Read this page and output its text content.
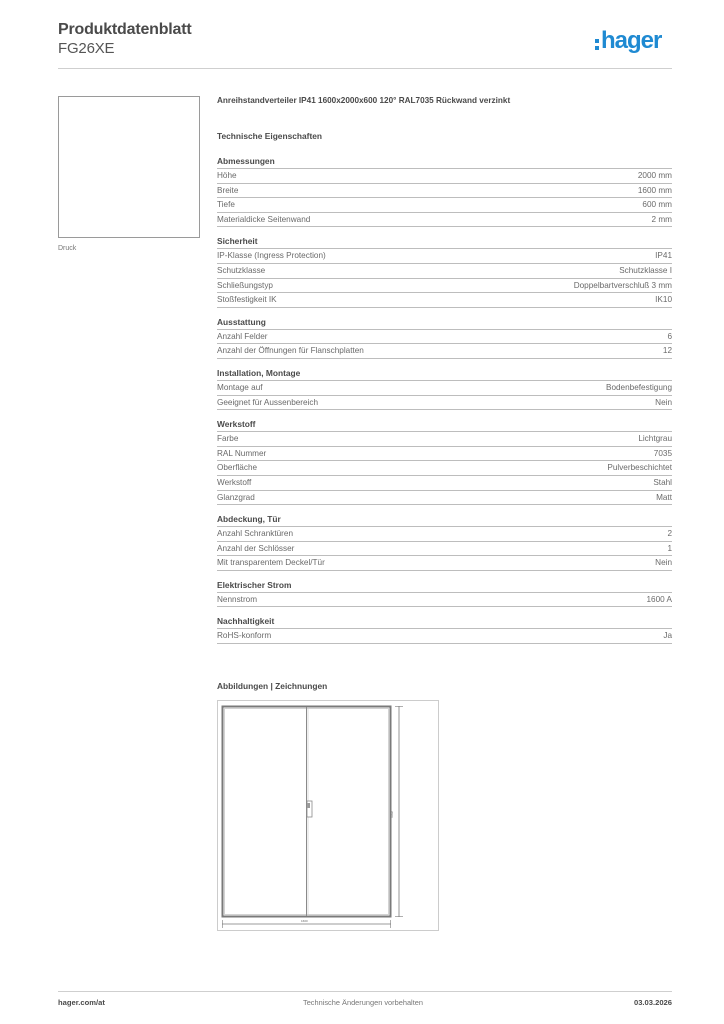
Produktdatenblatt
FG26XE	hager
Druck
Anreihstandverteiler IP41 1600x2000x600 120° RAL7035 Rückwand verzinkt
Technische Eigenschaften
Abmessungen
Höhe	2000 mm
Breite	1600 mm
Tiefe	600 mm
Materialdicke Seitenwand	2 mm
Sicherheit
IP-Klasse (Ingress Protection)	IP41
Schutzklasse	Schutzklasse I
Schließungstyp	Doppelbartverschluß 3 mm
Stoßfestigkeit IK	IK10
Ausstattung
Anzahl Felder	6
Anzahl der Öffnungen für Flanschplatten	12
Installation, Montage
Montage auf	Bodenbefestigung
Geeignet für Aussenbereich	Nein
Werkstoff
Farbe	Lichtgrau
RAL Nummer	7035
Oberfläche	Pulverbeschichtet
Werkstoff	Stahl
Glanzgrad	Matt
Abdeckung, Tür
Anzahl Schranktüren	2
Anzahl der Schlösser	1
Mit transparentem Deckel/Tür	Nein
Elektrischer Strom
Nennstrom	1600 A
Nachhaltigkeit
RoHS-konform	Ja
Abbildungen | Zeichnungen
2000
1600
hager.com/at	Technische Änderungen vorbehalten	03.03.2026
